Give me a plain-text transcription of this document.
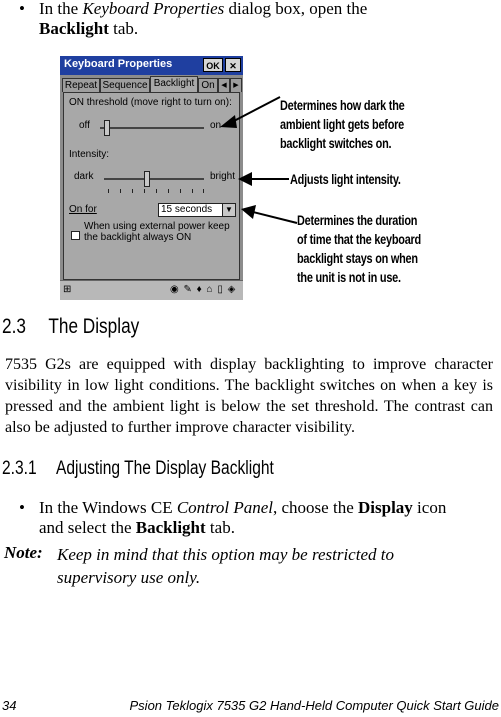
• In the Keyboard Properties dialog box, open the
Backlight tab.
Keyboard Properties	OK	✕
Repeat Sequence Backlight On ◀ ▶
ON threshold (move right to turn on):
off	on
Intensity:
dark	bright
On for	15 seconds	▼
When using external power keep
the backlight always ON
⊞	◉ ✎ ♦ ⌂ ▯ ◈
Determines how dark the
ambient light gets before
backlight switches on.
Adjusts light intensity.
Determines the duration
of time that the keyboard
backlight stays on when
the unit is not in use.
2.3 The Display
7535 G2s are equipped with display backlighting to improve character visibility in low light conditions. The backlight switches on when a key is pressed and the ambient light is below the set threshold. The contrast can also be adjusted to further improve character visibility.
2.3.1 Adjusting The Display Backlight
• In the Windows CE Control Panel, choose the Display icon
and select the Backlight tab.
Note: Keep in mind that this option may be restricted to
supervisory use only.
34	Psion Teklogix 7535 G2 Hand-Held Computer Quick Start Guide
